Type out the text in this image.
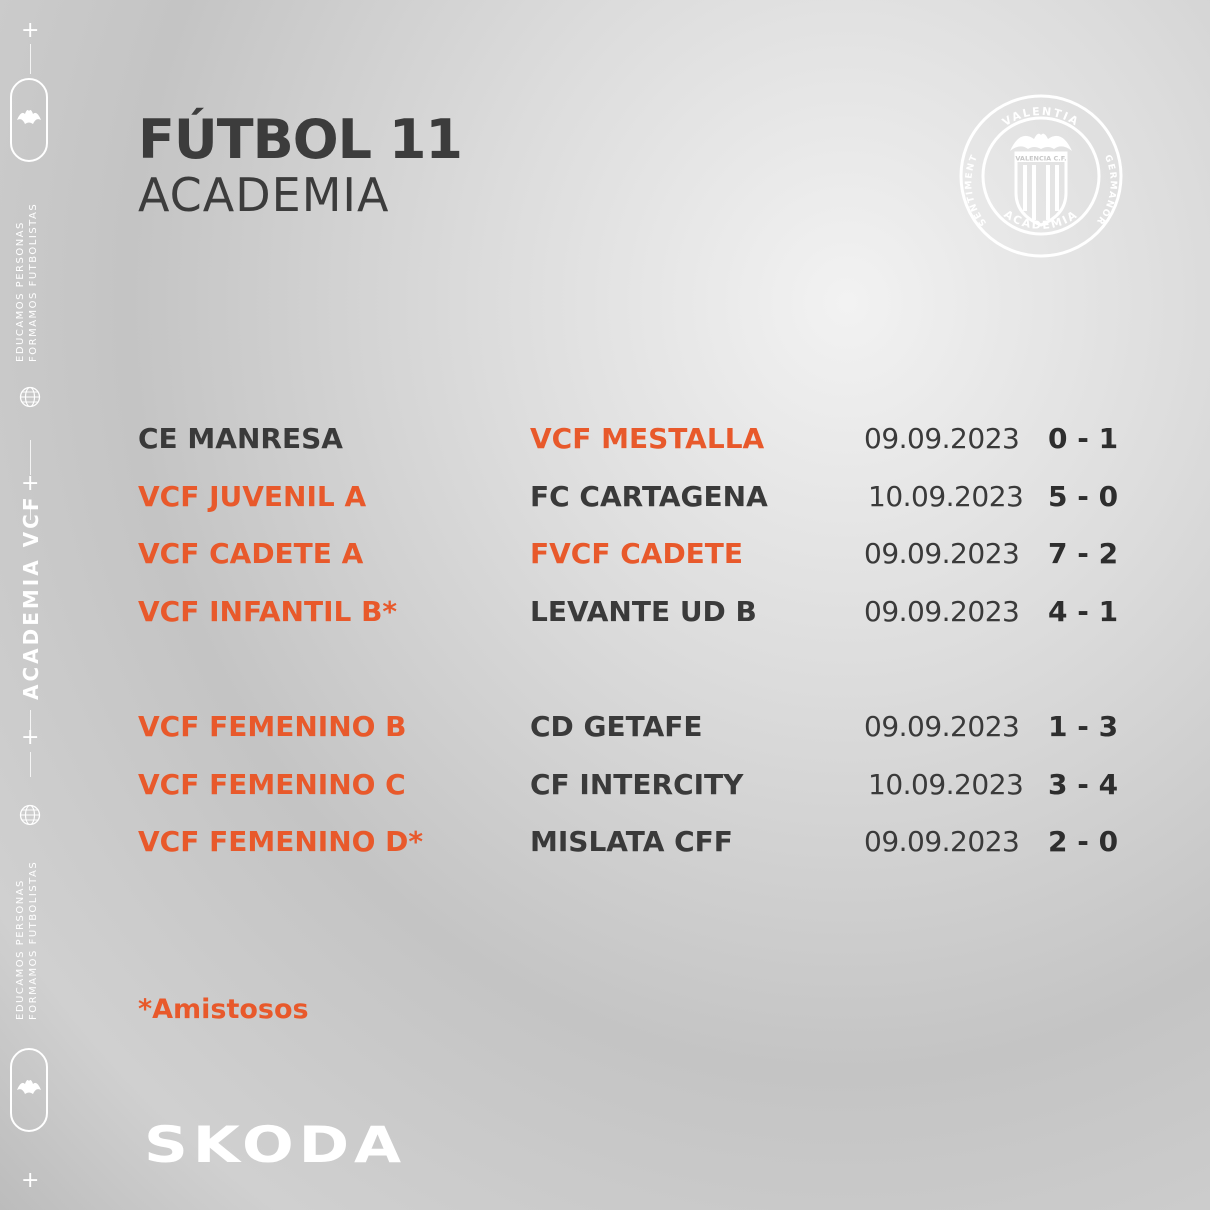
+
EDUCAMOS PERSONAS FORMAMOS FUTBOLISTAS
+
ACADEMIA VCF
+
EDUCAMOS PERSONAS FORMAMOS FUTBOLISTAS
+
FÚTBOL 11
ACADEMIA
VALENTIA
ACADEMIA
SENTIMENT	GERMANOR
VALENCIA C.F.
CE MANRESA	VCF MESTALLA	09.09.2023 0 - 1
VCF JUVENIL A	FC CARTAGENA	10.09.2023 5 - 0
VCF CADETE A	FVCF CADETE	09.09.2023 7 - 2
VCF INFANTIL B*	LEVANTE UD B	09.09.2023 4 - 1
VCF FEMENINO B	CD GETAFE	09.09.2023 1 - 3
VCF FEMENINO C	CF INTERCITY	10.09.2023 3 - 4
VCF FEMENINO D*	MISLATA CFF	09.09.2023 2 - 0
*Amistosos
SKODA
